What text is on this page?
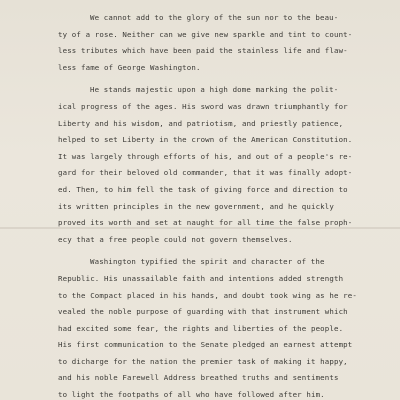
We cannot add to the glory of the sun nor to the beau-
ty of a rose. Neither can we give new sparkle and tint to count-
less tributes which have been paid the stainless life and flaw-
less fame of George Washington.

He stands majestic upon a high dome marking the polit-
ical progress of the ages. His sword was drawn triumphantly for
Liberty and his wisdom, and patriotism, and priestly patience,
helped to set Liberty in the crown of the American Constitution.
It was largely through efforts of his, and out of a people's re-
gard for their beloved old commander, that it was finally adopt-
ed. Then, to him fell the task of giving force and direction to
its written principles in the new government, and he quickly
proved its worth and set at naught for all time the false proph-
ecy that a free people could not govern themselves.

Washington typified the spirit and character of the
Republic. His unassailable faith and intentions added strength
to the Compact placed in his hands, and doubt took wing as he re-
vealed the noble purpose of guarding with that instrument which
had excited some fear, the rights and liberties of the people.
His first communication to the Senate pledged an earnest attempt
to dicharge for the nation the premier task of making it happy,
and his noble Farewell Address breathed truths and sentiments
to light the footpaths of all who have followed after him.
